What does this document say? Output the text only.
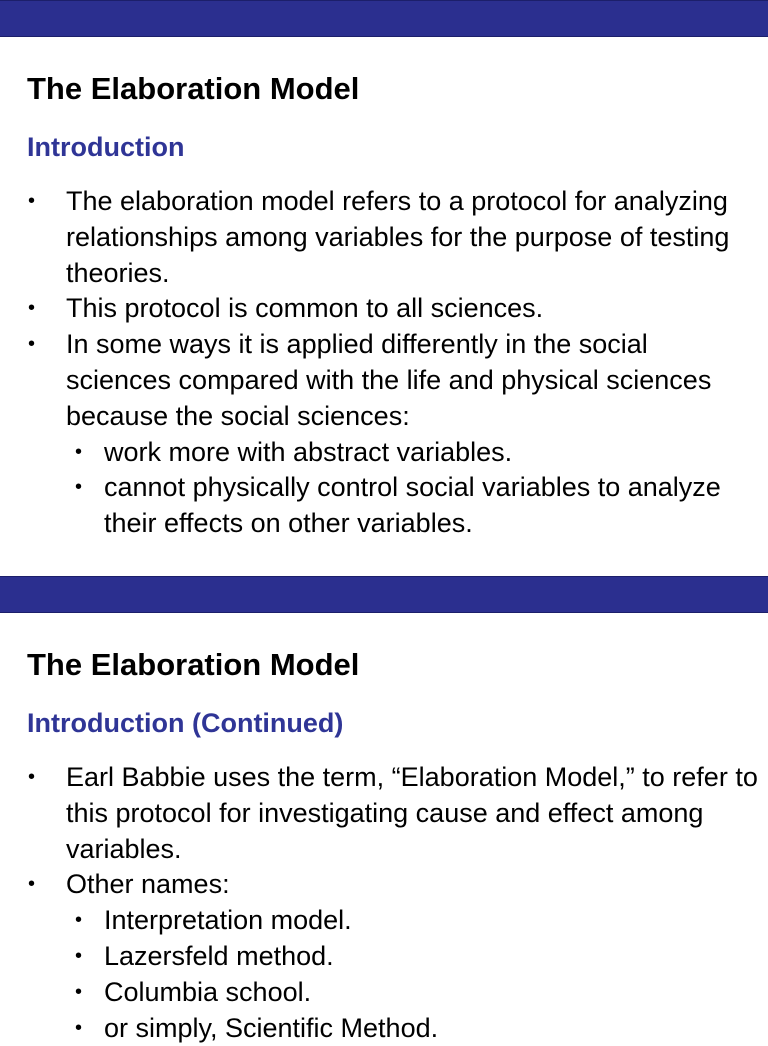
The Elaboration Model
Introduction
• The elaboration model refers to a protocol for analyzing relationships among variables for the purpose of testing theories.
• This protocol is common to all sciences.
• In some ways it is applied differently in the social sciences compared with the life and physical sciences because the social sciences:
• work more with abstract variables.
• cannot physically control social variables to analyze their effects on other variables.
The Elaboration Model
Introduction (Continued)
• Earl Babbie uses the term, “Elaboration Model,” to refer to this protocol for investigating cause and effect among variables.
• Other names:
• Interpretation model.
• Lazersfeld method.
• Columbia school.
• or simply, Scientific Method.
